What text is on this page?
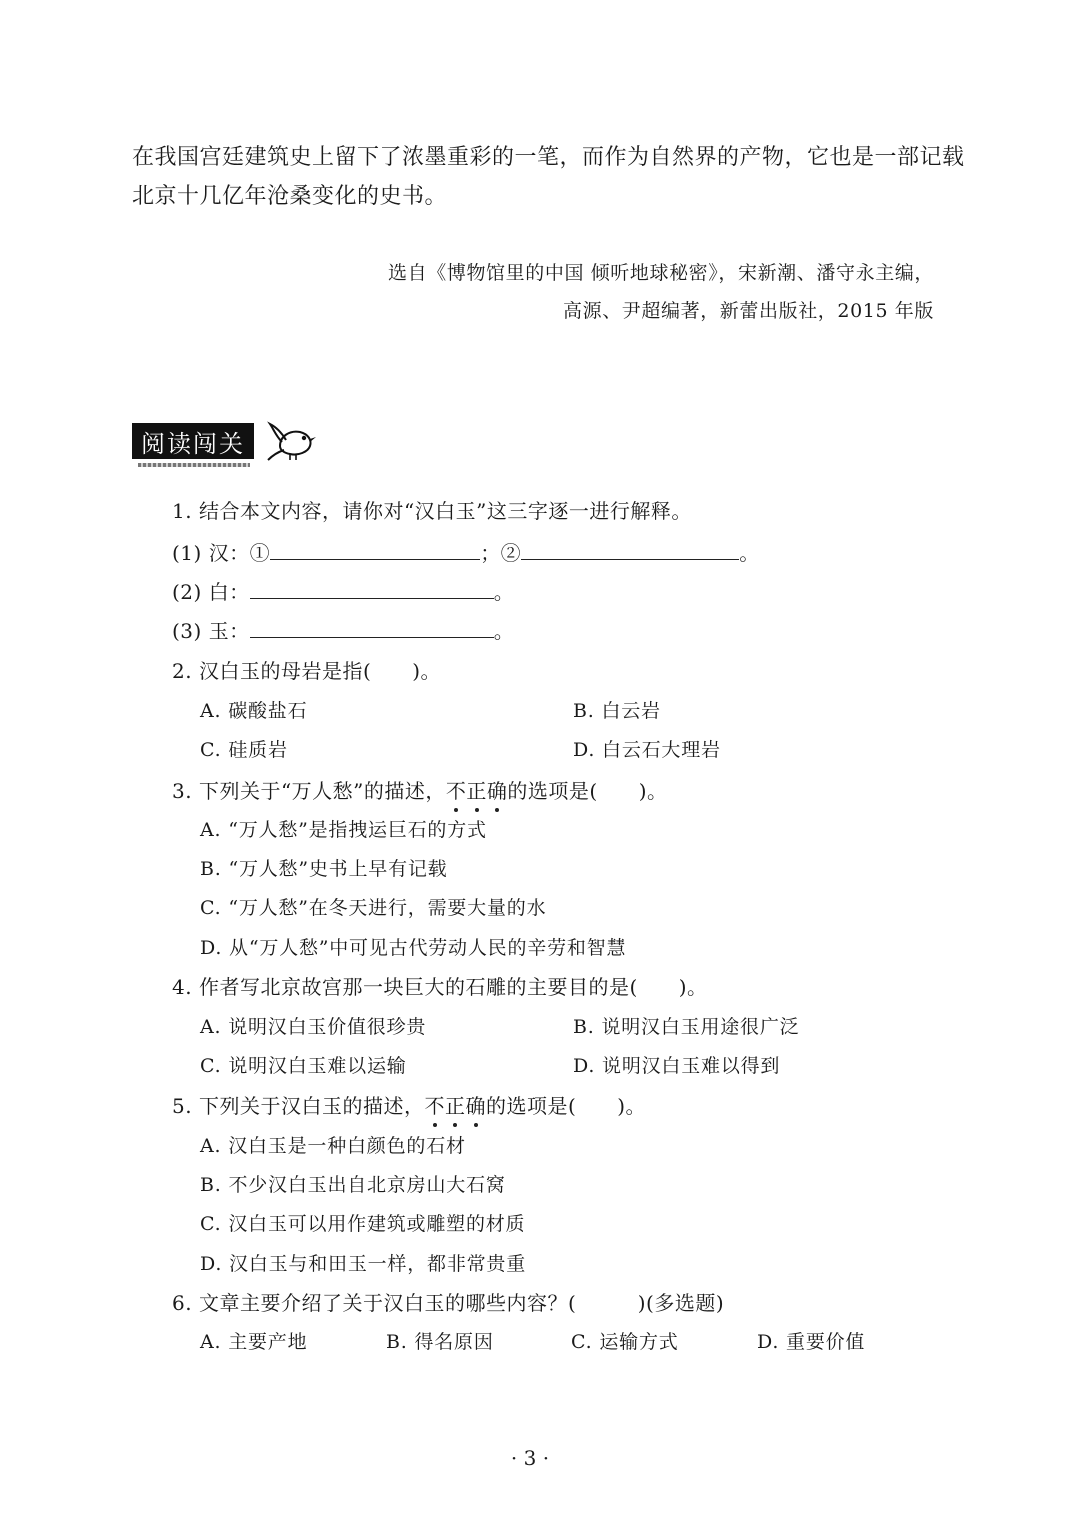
在我国宫廷建筑史上留下了浓墨重彩的一笔，而作为自然界的产物，它也是一部记载
北京十几亿年沧桑变化的史书。
选自《博物馆里的中国 倾听地球秘密》，宋新潮、潘守永主编，
高源、尹超编著，新蕾出版社，2015 年版
阅读闯关
1. 结合本文内容，请你对“汉白玉”这三字逐一进行解释。
(1) 汉：①	；②	。
(2) 白：	。
(3) 玉：	。
2. 汉白玉的母岩是指(　　)。
A. 碳酸盐石	B. 白云岩
C. 硅质岩	D. 白云石大理岩
3. 下列关于“万人愁”的描述，不正确的选项是(　　)。
A. “万人愁”是指拽运巨石的方式
B. “万人愁”史书上早有记载
C. “万人愁”在冬天进行，需要大量的水
D. 从“万人愁”中可见古代劳动人民的辛劳和智慧
4. 作者写北京故宫那一块巨大的石雕的主要目的是(　　)。
A. 说明汉白玉价值很珍贵	B. 说明汉白玉用途很广泛
C. 说明汉白玉难以运输	D. 说明汉白玉难以得到
5. 下列关于汉白玉的描述，不正确的选项是(　　)。
A. 汉白玉是一种白颜色的石材
B. 不少汉白玉出自北京房山大石窝
C. 汉白玉可以用作建筑或雕塑的材质
D. 汉白玉与和田玉一样，都非常贵重
6. 文章主要介绍了关于汉白玉的哪些内容？(　　　)(多选题)
A. 主要产地	B. 得名原因	C. 运输方式	D. 重要价值
· 3 ·
